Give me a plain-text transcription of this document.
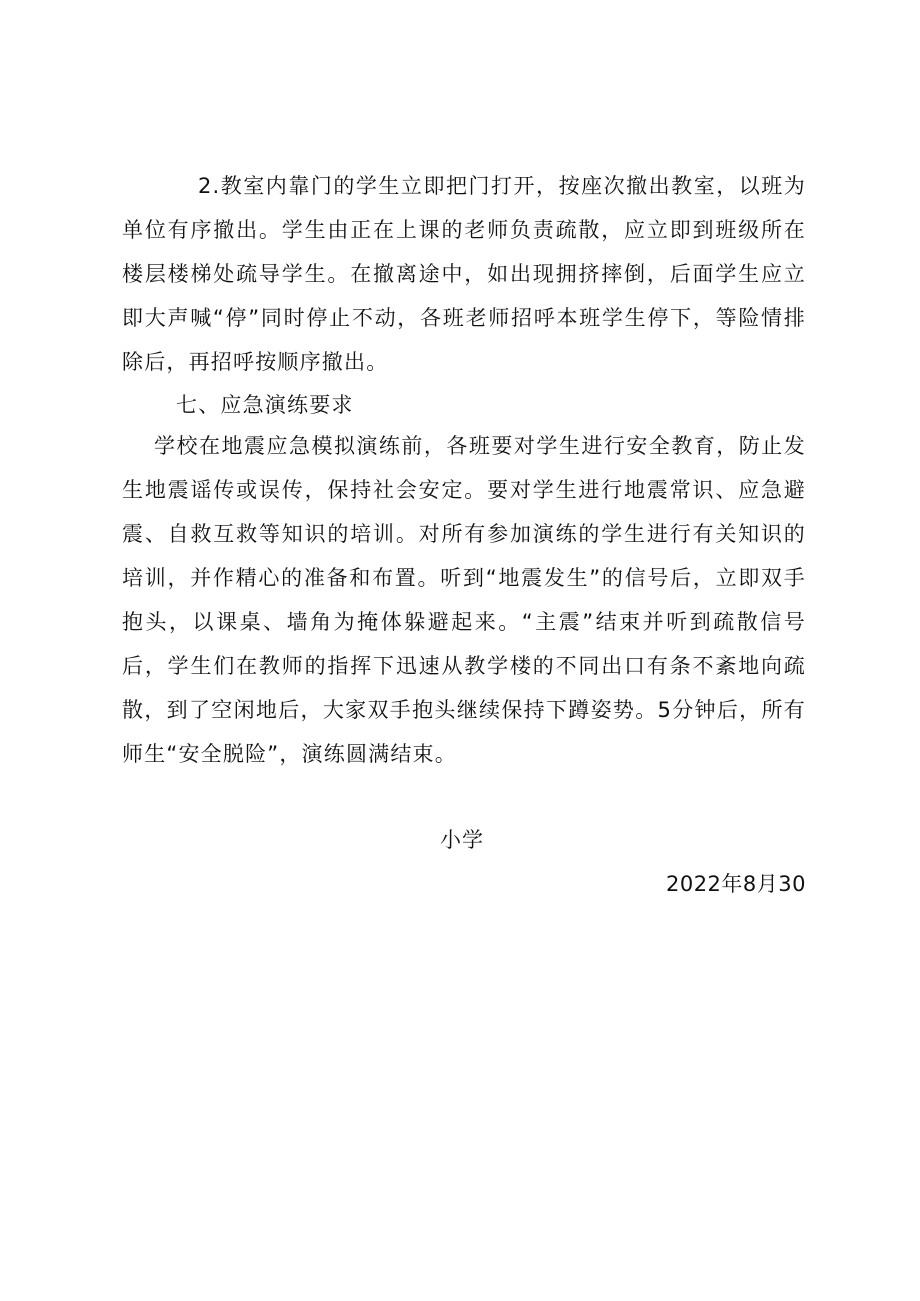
2.教室内靠门的学生立即把门打开，按座次撤出教室，以班为单位有序撤出。学生由正在上课的老师负责疏散，应立即到班级所在楼层楼梯处疏导学生。在撤离途中，如出现拥挤摔倒，后面学生应立即大声喊“停”同时停止不动，各班老师招呼本班学生停下，等险情排除后，再招呼按顺序撤出。

七、应急演练要求

学校在地震应急模拟演练前，各班要对学生进行安全教育，防止发生地震谣传或误传，保持社会安定。要对学生进行地震常识、应急避震、自救互救等知识的培训。对所有参加演练的学生进行有关知识的培训，并作精心的准备和布置。听到“地震发生”的信号后，立即双手抱头，以课桌、墙角为掩体躲避起来。“主震”结束并听到疏散信号后，学生们在教师的指挥下迅速从教学楼的不同出口有条不紊地向疏散，到了空闲地后，大家双手抱头继续保持下蹲姿势。5分钟后，所有师生“安全脱险”，演练圆满结束。

小学
2022年8月30
